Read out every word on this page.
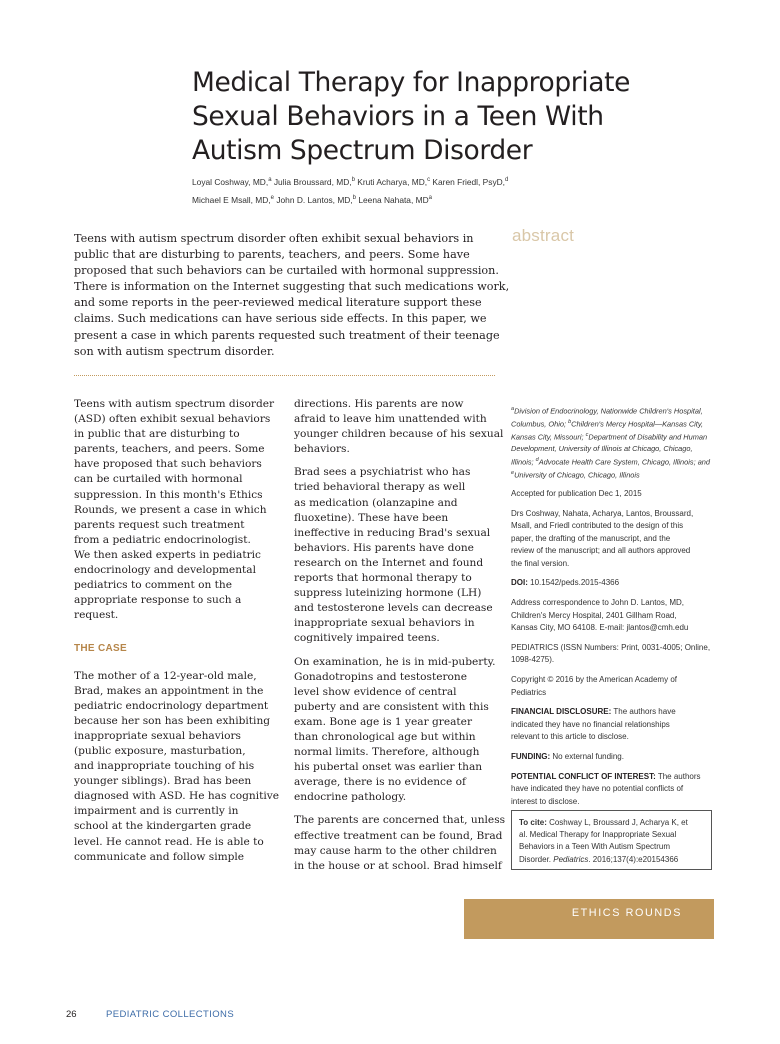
Medical Therapy for Inappropriate
Sexual Behaviors in a Teen With
Autism Spectrum Disorder
Loyal Coshway, MD,$^a$ Julia Broussard, MD,$^b$ Kruti Acharya, MD,$^c$ Karen Friedl, PsyD,$^d$
Michael E Msall, MD,$^e$ John D. Lantos, MD,$^b$ Leena Nahata, $MD^a$
abstract
Teens with autism spectrum disorder often exhibit sexual behaviors in
public that are disturbing to parents, teachers, and peers. Some have
proposed that such behaviors can be curtailed with hormonal suppression.
There is information on the Internet suggesting that such medications work,
and some reports in the peer-reviewed medical literature support these
claims. Such medications can have serious side effects. In this paper, we
present a case in which parents requested such treatment of their teenage
son with autism spectrum disorder.
Teens with autism spectrum disorder
(ASD) often exhibit sexual behaviors
in public that are disturbing to
parents, teachers, and peers. Some
have proposed that such behaviors
can be curtailed with hormonal
suppression. In this month's Ethics
Rounds, we present a case in which
parents request such treatment
from a pediatric endocrinologist.
We then asked experts in pediatric
endocrinology and developmental
pediatrics to comment on the
appropriate response to such a
request.
THE CASE
The mother of a 12-year-old male,
Brad, makes an appointment in the
pediatric endocrinology department
because her son has been exhibiting
inappropriate sexual behaviors
(public exposure, masturbation,
and inappropriate touching of his
younger siblings). Brad has been
diagnosed with ASD. He has cognitive
impairment and is currently in
school at the kindergarten grade
level. He cannot read. He is able to
communicate and follow simple
directions. His parents are now
afraid to leave him unattended with
younger children because of his sexual
behaviors.
Brad sees a psychiatrist who has
tried behavioral therapy as well
as medication (olanzapine and
fluoxetine). These have been
ineffective in reducing Brad's sexual
behaviors. His parents have done
research on the Internet and found
reports that hormonal therapy to
suppress luteinizing hormone (LH)
and testosterone levels can decrease
inappropriate sexual behaviors in
cognitively impaired teens.
On examination, he is in mid-puberty.
Gonadotropins and testosterone
level show evidence of central
puberty and are consistent with this
exam. Bone age is 1 year greater
than chronological age but within
normal limits. Therefore, although
his pubertal onset was earlier than
average, there is no evidence of
endocrine pathology.
The parents are concerned that, unless
effective treatment can be found, Brad
may cause harm to the other children
in the house or at school. Brad himself
$^a$Division of Endocrinology, Nationwide Children's Hospital,
Columbus, Ohio; $^b$Children's Mercy Hospital—Kansas City,
Kansas City, Missouri; $^c$Department of Disability and Human
Development, University of Illinois at Chicago, Chicago,
Illinois; $^d$Advocate Health Care System, Chicago, Illinois; and
$^e$University of Chicago, Chicago, Illinois
Accepted for publication Dec 1, 2015
Drs Coshway, Nahata, Acharya, Lantos, Broussard,
Msall, and Friedl contributed to the design of this
paper, the drafting of the manuscript, and the
review of the manuscript; and all authors approved
the final version.
DOI: 10.1542/peds.2015-4366
Address correspondence to John D. Lantos, MD,
Children's Mercy Hospital, 2401 Gillham Road,
Kansas City, MO 64108. E-mail: jlantos@cmh.edu
PEDIATRICS (ISSN Numbers: Print, 0031-4005; Online,
1098-4275).
Copyright © 2016 by the American Academy of
Pediatrics
FINANCIAL DISCLOSURE: The authors have
indicated they have no financial relationships
relevant to this article to disclose.
FUNDING: No external funding.
POTENTIAL CONFLICT OF INTEREST: The authors
have indicated they have no potential conflicts of
interest to disclose.
To cite: Coshway L, Broussard J, Acharya K, et
al. Medical Therapy for Inappropriate Sexual
Behaviors in a Teen With Autism Spectrum
Disorder. Pediatrics. 2016;137(4):e20154366
ETHICS ROUNDS
26	PEDIATRIC COLLECTIONS
